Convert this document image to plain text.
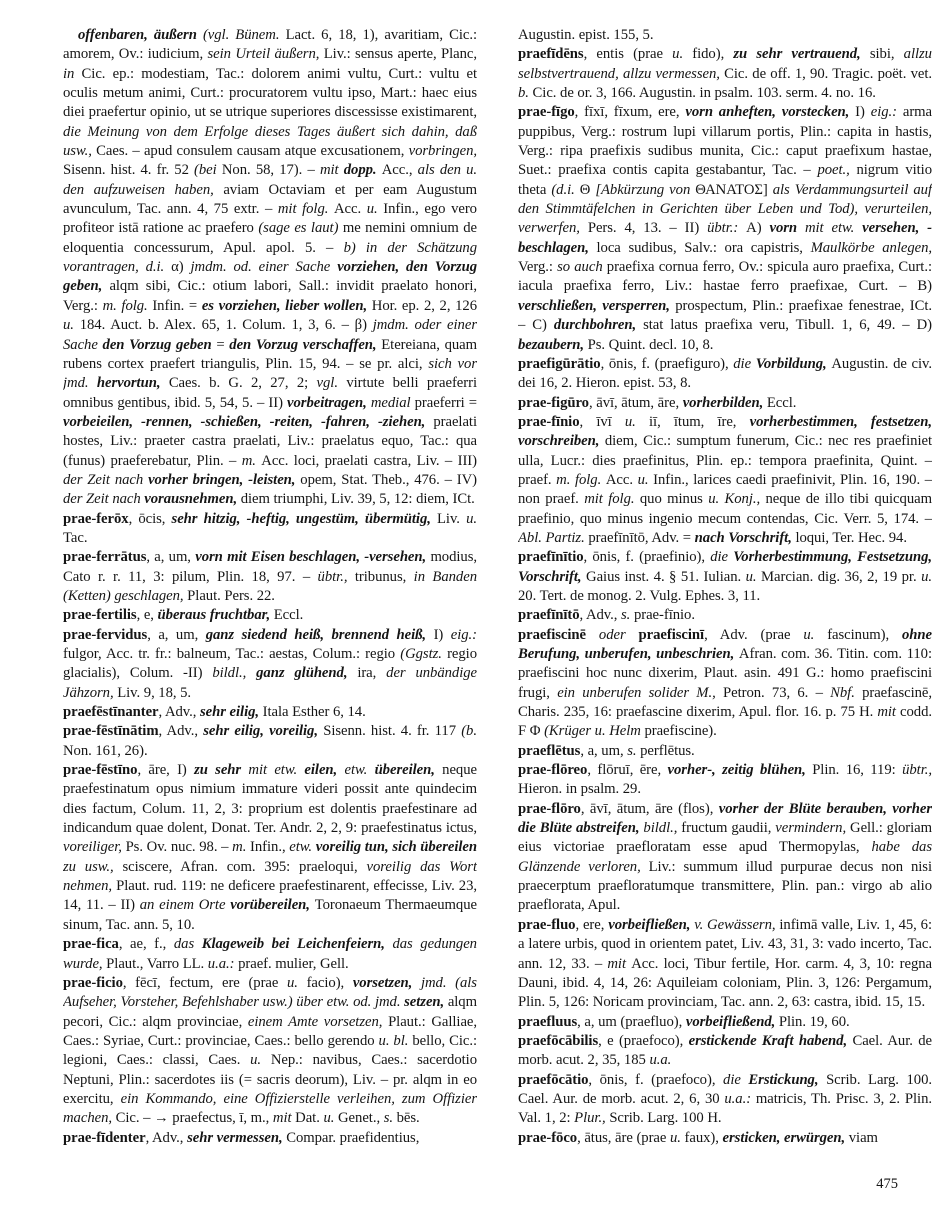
offenbaren, äußern (vgl. Bünem. Lact. 6, 18, 1), avaritiam, Cic.: amorem, Ov.: iudicium, sein Urteil äußern, Liv.: sensus aperte, Planc, in Cic. ep.: modestiam, Tac.: dolorem animi vultu, Curt.: vultu et oculis metum animi, Curt.: procuratorem vultu ipso, Mart.: haec eius diei praefertur opinio, ut se utrique superiores discessisse existimarent, die Meinung von dem Erfolge dieses Tages äußert sich dahin, daß usw., Caes. – apud consulem causam atque excusationem, vorbringen, Sisenn. hist. 4. fr. 52 (bei Non. 58, 17). – mit dopp. Acc., als den u. den aufzuweisen haben, aviam Octaviam et per eam Augustum avunculum, Tac. ann. 4, 75 extr. – mit folg. Acc. u. Infin., ego vero profiteor istā ratione ac praefero (sage es laut) me nemini omnium de eloquentia concessurum, Apul. apol. 5. – b) in der Schätzung vorantragen, d.i. α) jmdm. od. einer Sache vorziehen, den Vorzug geben, alqm sibi, Cic.: otium labori, Sall.: invidit praelato honori, Verg.: m. folg. Infin. = es vorziehen, lieber wollen, Hor. ep. 2, 2, 126 u. 184. Auct. b. Alex. 65, 1. Colum. 1, 3, 6. – β) jmdm. oder einer Sache den Vorzug geben = den Vorzug verschaffen, Etereiana, quam rubens cortex praefert triangulis, Plin. 15, 94. – se pr. alci, sich vor jmd. hervortun, Caes. b. G. 2, 27, 2; vgl. virtute belli praeferri omnibus gentibus, ibid. 5, 54, 5. – II) vorbeitragen, medial praeferri = vorbeieilen, -rennen, -schießen, -reiten, -fahren, -ziehen, praelati hostes, Liv.: praeter castra praelati, Liv.: praelatus equo, Tac.: qua (funus) praeferebatur, Plin. – m. Acc. loci, praelati castra, Liv. – III) der Zeit nach vorher bringen, -leisten, opem, Stat. Theb., 476. – IV) der Zeit nach vorausnehmen, diem triumphi, Liv. 39, 5, 12: diem, ICt.

prae-ferōx, ōcis, sehr hitzig, -heftig, ungestüm, übermütig, Liv. u. Tac.

prae-ferrātus, a, um, vorn mit Eisen beschlagen, -versehen, modius, Cato r. r. 11, 3: pilum, Plin. 18, 97. – übtr., tribunus, in Banden (Ketten) geschlagen, Plaut. Pers. 22.

prae-fertilis, e, überaus fruchtbar, Eccl.

prae-fervidus, a, um, ganz siedend heiß, brennend heiß, I) eig.: fulgor, Acc. tr. fr.: balneum, Tac.: aestas, Colum.: regio (Ggstz. regio glacialis), Colum. -II) bildl., ganz glühend, ira, der unbändige Jähzorn, Liv. 9, 18, 5.

praefēstīnanter, Adv., sehr eilig, Itala Esther 6, 14.

prae-fēstīnātim, Adv., sehr eilig, voreilig, Sisenn. hist. 4. fr. 117 (b. Non. 161, 26).

prae-fēstīno, āre, I) zu sehr mit etw. eilen, etw. übereilen, neque praefestinatum opus nimium immature videri possit ante quindecim dies factum, Colum. 11, 2, 3: proprium est dolentis praefestinare ad indicandum quae dolent, Donat. Ter. Andr. 2, 2, 9: praefestinatus ictus, voreiliger, Ps. Ov. nuc. 98. – m. Infin., etw. voreilig tun, sich übereilen zu usw., sciscere, Afran. com. 395: praeloqui, voreilig das Wort nehmen, Plaut. rud. 119: ne deficere praefestinarent, effecisse, Liv. 23, 14, 11. – II) an einem Orte vorübereilen, Toronaeum Thermaeumque sinum, Tac. ann. 5, 10.

prae-fica, ae, f., das Klageweib bei Leichenfeiern, das gedungen wurde, Plaut., Varro LL. u.a.: praef. mulier, Gell.

prae-ficio, fēcī, fectum, ere (prae u. facio), vorsetzen, jmd. (als Aufseher, Vorsteher, Befehlshaber usw.) über etw. od. jmd. setzen, alqm pecori, Cic.: alqm provinciae, einem Amte vorsetzen, Plaut.: Galliae, Caes.: Syriae, Curt.: provinciae, Caes.: bello gerendo u. bl. bello, Cic.: legioni, Caes.: classi, Caes. u. Nep.: navibus, Caes.: sacerdotio Neptuni, Plin.: sacerdotes iis (= sacris deorum), Liv. – pr. alqm in eo exercitu, ein Kommando, eine Offizierstelle verleihen, zum Offizier machen, Cic. – → praefectus, ī, m., mit Dat. u. Genet., s. bēs.

prae-fīdenter, Adv., sehr vermessen, Compar. praefidentius,

Augustin. epist. 155, 5.

praefīdēns, entis (prae u. fido), zu sehr vertrauend, sibi, allzu selbstvertrauend, allzu vermessen, Cic. de off. 1, 90. Tragic. poët. vet. b. Cic. de or. 3, 166. Augustin. in psalm. 103. serm. 4. no. 16.

prae-fīgo, fīxī, fīxum, ere, vorn anheften, vorstecken, I) eig.: arma puppibus, Verg.: rostrum lupi villarum portis, Plin.: capita in hastis, Verg.: ripa praefixis sudibus munita, Cic.: caput praefixum hastae, Suet.: praefixa contis capita gestabantur, Tac. – poet., nigrum vitio theta (d.i. Θ [Abkürzung von ΘΑΝΑΤΟΣ] als Verdammungsurteil auf den Stimmtäfelchen in Gerichten über Leben und Tod), verurteilen, verwerfen, Pers. 4, 13. – II) übtr.: A) vorn mit etw. versehen, -beschlagen, loca sudibus, Salv.: ora capistris, Maulkörbe anlegen, Verg.: so auch praefixa cornua ferro, Ov.: spicula auro praefixa, Curt.: iacula praefixa ferro, Liv.: hastae ferro praefixae, Curt. – B) verschließen, versperren, prospectum, Plin.: praefixae fenestrae, ICt. – C) durchbohren, stat latus praefixa veru, Tibull. 1, 6, 49. – D) bezaubern, Ps. Quint. decl. 10, 8.

praefigūrātio, ōnis, f. (praefiguro), die Vorbildung, Augustin. de civ. dei 16, 2. Hieron. epist. 53, 8.

prae-figūro, āvī, ātum, āre, vorherbilden, Eccl.

prae-fīnio, īvī u. iī, ītum, īre, vorherbestimmen, festsetzen, vorschreiben, diem, Cic.: sumptum funerum, Cic.: nec res praefiniet ulla, Lucr.: dies praefinitus, Plin. ep.: tempora praefinita, Quint. – praef. m. folg. Acc. u. Infin., larices caedi praefinivit, Plin. 16, 190. – non praef. mit folg. quo minus u. Konj., neque de illo tibi quicquam praefinio, quo minus ingenio mecum contendas, Cic. Verr. 5, 174. – Abl. Partiz. praefīnītō, Adv. = nach Vorschrift, loqui, Ter. Hec. 94.

praefīnītio, ōnis, f. (praefinio), die Vorherbestimmung, Festsetzung, Vorschrift, Gaius inst. 4. § 51. Iulian. u. Marcian. dig. 36, 2, 19 pr. u. 20. Tert. de monog. 2. Vulg. Ephes. 3, 11.

praefīnītō, Adv., s. prae-fīnio.

praefiscinē oder praefiscinī, Adv. (prae u. fascinum), ohne Berufung, unberufen, unbeschrien, Afran. com. 36. Titin. com. 110: praefiscini hoc nunc dixerim, Plaut. asin. 491 G.: homo praefiscini frugi, ein unberufen solider M., Petron. 73, 6. – Nbf. praefascinē, Charis. 235, 16: praefascine dixerim, Apul. flor. 16. p. 75 H. mit codd. F Φ (Krüger u. Helm praefiscine).

praeflētus, a, um, s. perflētus.

prae-flōreo, flōruī, ēre, vorher-, zeitig blühen, Plin. 16, 119: übtr., Hieron. in psalm. 29.

prae-flōro, āvī, ātum, āre (flos), vorher der Blüte berauben, vorher die Blüte abstreifen, bildl., fructum gaudii, vermindern, Gell.: gloriam eius victoriae praefloratam esse apud Thermopylas, habe das Glänzende verloren, Liv.: summum illud purpurae decus non nisi praecerptum praefloratumque transmittere, Plin. pan.: virgo ab alio praeflorata, Apul.

prae-fluo, ere, vorbeifließen, v. Gewässern, infimā valle, Liv. 1, 45, 6: a latere urbis, quod in orientem patet, Liv. 43, 31, 3: vado incerto, Tac. ann. 12, 33. – mit Acc. loci, Tibur fertile, Hor. carm. 4, 3, 10: regna Dauni, ibid. 4, 14, 26: Aquileiam coloniam, Plin. 3, 126: Pergamum, Plin. 5, 126: Noricam provinciam, Tac. ann. 2, 63: castra, ibid. 15, 15.

praefluus, a, um (praefluo), vorbeifließend, Plin. 19, 60.

praefōcābilis, e (praefoco), erstickende Kraft habend, Cael. Aur. de morb. acut. 2, 35, 185 u.a.

praefōcātio, ōnis, f. (praefoco), die Erstickung, Scrib. Larg. 100. Cael. Aur. de morb. acut. 2, 6, 30 u.a.: matricis, Th. Prisc. 3, 2. Plin. Val. 1, 2: Plur., Scrib. Larg. 100 H.

prae-fōco, ātus, āre (prae u. faux), ersticken, erwürgen, viam

475
